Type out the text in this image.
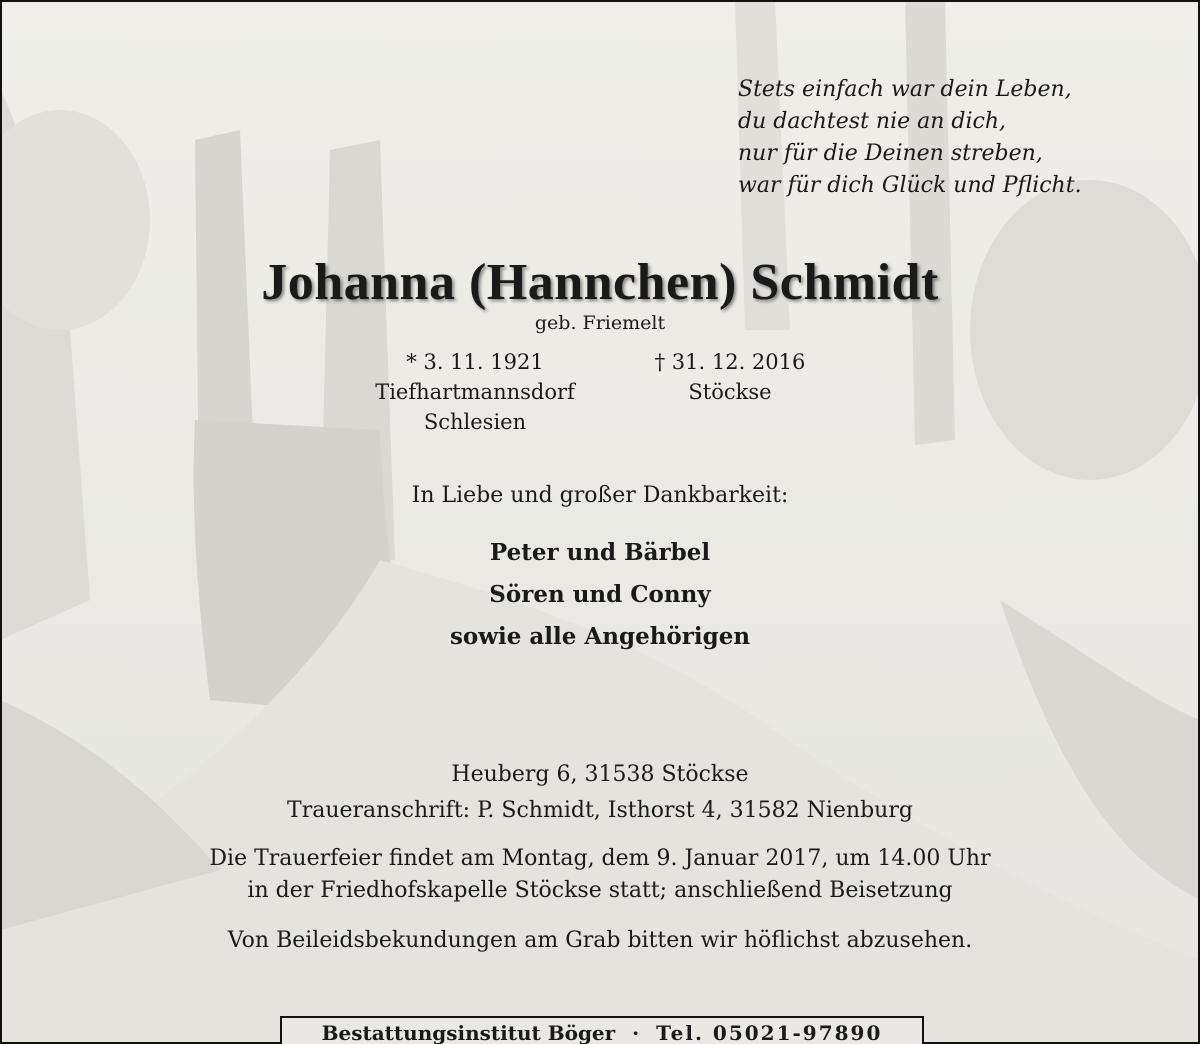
Stets einfach war dein Leben,
du dachtest nie an dich,
nur für die Deinen streben,
war für dich Glück und Pflicht.
Johanna (Hannchen) Schmidt
geb. Friemelt
* 3. 11. 1921
Tiefhartmannsdorf
Schlesien
† 31. 12. 2016
Stöckse
In Liebe und großer Dankbarkeit:
Peter und Bärbel
Sören und Conny
sowie alle Angehörigen
Heuberg 6, 31538 Stöckse
Traueranschrift: P. Schmidt, Isthorst 4, 31582 Nienburg
Die Trauerfeier findet am Montag, dem 9. Januar 2017, um 14.00 Uhr
in der Friedhofskapelle Stöckse statt; anschließend Beisetzung
Von Beileidsbekundungen am Grab bitten wir höflichst abzusehen.
Bestattungsinstitut Böger · Tel. 05021-97890
